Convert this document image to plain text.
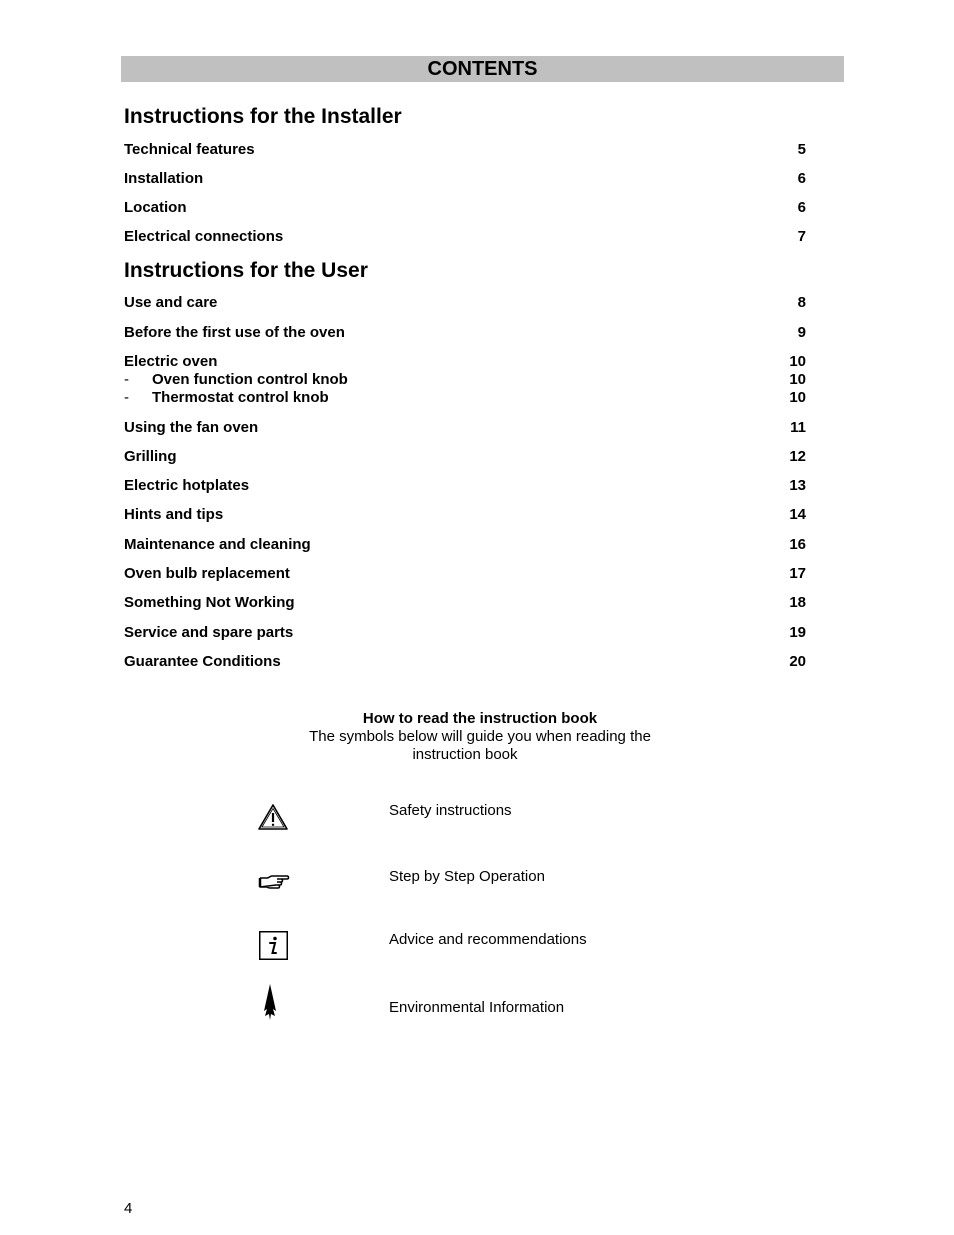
CONTENTS
Instructions for the Installer
Technical features	5
Installation	6
Location	6
Electrical connections	7
Instructions for the User
Use and care	8
Before the first use of the oven	9
Electric oven	10
- Oven function control knob	10
- Thermostat control knob	10
Using the fan oven	11
Grilling	12
Electric hotplates	13
Hints and tips	14
Maintenance and cleaning	16
Oven bulb replacement	17
Something Not Working	18
Service and spare parts	19
Guarantee Conditions	20
How to read the instruction book
The symbols below will guide you when reading the
instruction book
Safety instructions
Step by Step Operation
Advice and recommendations
Environmental Information
4
